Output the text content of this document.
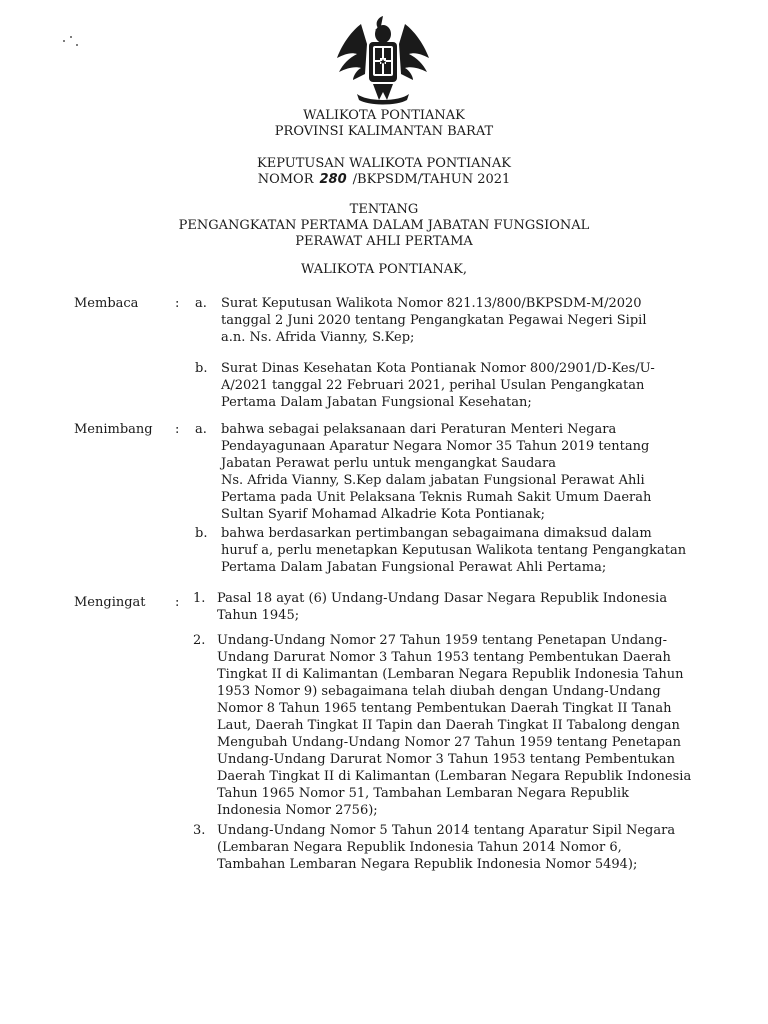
WALIKOTA PONTIANAK
PROVINSI KALIMANTAN BARAT
KEPUTUSAN WALIKOTA PONTIANAK
NOMOR 280 /BKPSDM/TAHUN 2021
TENTANG
PENGANGKATAN PERTAMA DALAM JABATAN FUNGSIONAL
PERAWAT AHLI PERTAMA
WALIKOTA PONTIANAK,
Membaca	: a. Surat Keputusan Walikota Nomor 821.13/800/BKPSDM-M/2020
tanggal 2 Juni 2020 tentang Pengangkatan Pegawai Negeri Sipil
a.n. Ns. Afrida Vianny, S.Kep;
b. Surat Dinas Kesehatan Kota Pontianak Nomor 800/2901/D-Kes/U-
A/2021 tanggal 22 Februari 2021, perihal Usulan Pengangkatan
Pertama Dalam Jabatan Fungsional Kesehatan;
Menimbang : a. bahwa sebagai pelaksanaan dari Peraturan Menteri Negara
Pendayagunaan Aparatur Negara Nomor 35 Tahun 2019 tentang
Jabatan Perawat perlu untuk mengangkat Saudara
Ns. Afrida Vianny, S.Kep dalam jabatan Fungsional Perawat Ahli
Pertama pada Unit Pelaksana Teknis Rumah Sakit Umum Daerah
Sultan Syarif Mohamad Alkadrie Kota Pontianak;
b. bahwa berdasarkan pertimbangan sebagaimana dimaksud dalam
huruf a, perlu menetapkan Keputusan Walikota tentang Pengangkatan
Pertama Dalam Jabatan Fungsional Perawat Ahli Pertama;
Mengingat : 1. Pasal 18 ayat (6) Undang-Undang Dasar Negara Republik Indonesia
Tahun 1945;
2. Undang-Undang Nomor 27 Tahun 1959 tentang Penetapan Undang-
Undang Darurat Nomor 3 Tahun 1953 tentang Pembentukan Daerah
Tingkat II di Kalimantan (Lembaran Negara Republik Indonesia Tahun
1953 Nomor 9) sebagaimana telah diubah dengan Undang-Undang
Nomor 8 Tahun 1965 tentang Pembentukan Daerah Tingkat II Tanah
Laut, Daerah Tingkat II Tapin dan Daerah Tingkat II Tabalong dengan
Mengubah Undang-Undang Nomor 27 Tahun 1959 tentang Penetapan
Undang-Undang Darurat Nomor 3 Tahun 1953 tentang Pembentukan
Daerah Tingkat II di Kalimantan (Lembaran Negara Republik Indonesia
Tahun 1965 Nomor 51, Tambahan Lembaran Negara Republik
Indonesia Nomor 2756);
3. Undang-Undang Nomor 5 Tahun 2014 tentang Aparatur Sipil Negara
(Lembaran Negara Republik Indonesia Tahun 2014 Nomor 6,
Tambahan Lembaran Negara Republik Indonesia Nomor 5494);
